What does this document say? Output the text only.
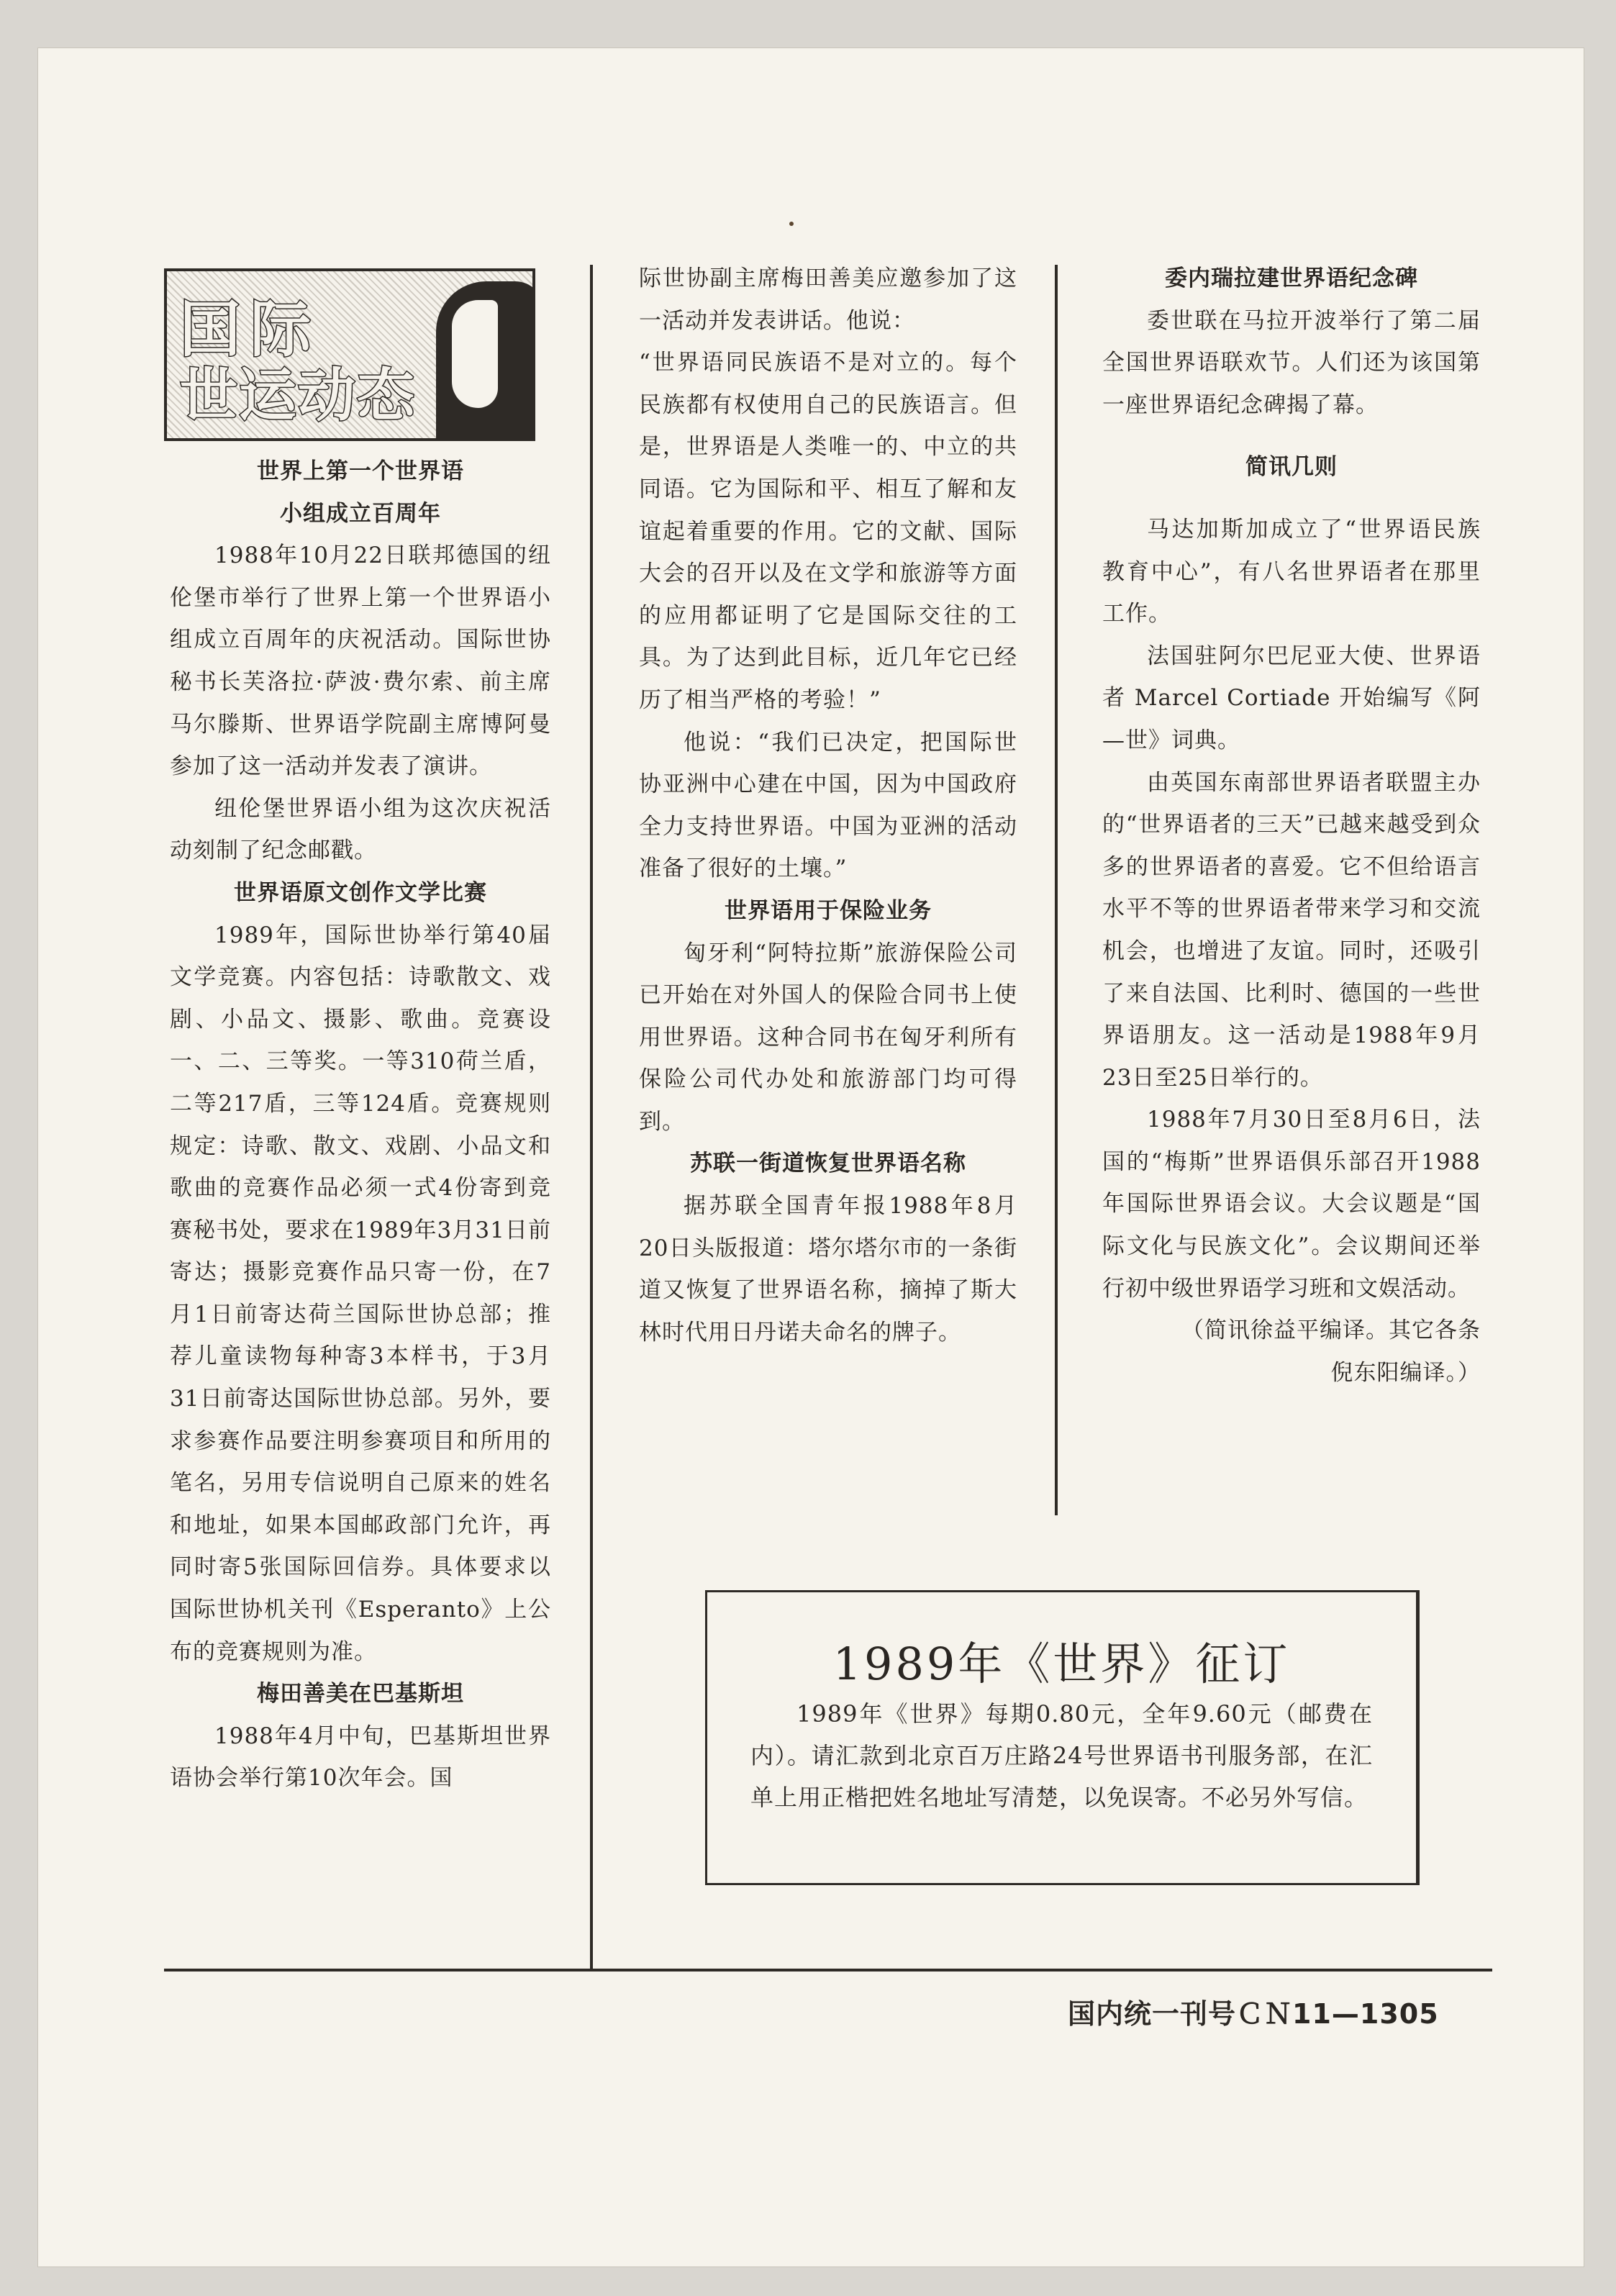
国际
世运动态
世界上第一个世界语
小组成立百周年

1988年10月22日联邦德国的纽伦堡市举行了世界上第一个世界语小组成立百周年的庆祝活动。国际世协秘书长芙洛拉·萨波·费尔索、前主席马尔滕斯、世界语学院副主席博阿曼参加了这一活动并发表了演讲。

纽伦堡世界语小组为这次庆祝活动刻制了纪念邮戳。

世界语原文创作文学比赛

1989年，国际世协举行第40届文学竞赛。内容包括：诗歌散文、戏剧、小品文、摄影、歌曲。竞赛设一、二、三等奖。一等310荷兰盾，二等217盾，三等124盾。竞赛规则规定：诗歌、散文、戏剧、小品文和歌曲的竞赛作品必须一式4份寄到竞赛秘书处，要求在1989年3月31日前寄达；摄影竞赛作品只寄一份，在7月1日前寄达荷兰国际世协总部；推荐儿童读物每种寄3本样书，于3月31日前寄达国际世协总部。另外，要求参赛作品要注明参赛项目和所用的笔名，另用专信说明自己原来的姓名和地址，如果本国邮政部门允许，再同时寄5张国际回信券。具体要求以国际世协机关刊《Esperanto》上公布的竞赛规则为准。

梅田善美在巴基斯坦

1988年4月中旬，巴基斯坦世界语协会举行第10次年会。国

际世协副主席梅田善美应邀参加了这一活动并发表讲话。他说：

“世界语同民族语不是对立的。每个民族都有权使用自己的民族语言。但是，世界语是人类唯一的、中立的共同语。它为国际和平、相互了解和友谊起着重要的作用。它的文献、国际大会的召开以及在文学和旅游等方面的应用都证明了它是国际交往的工具。为了达到此目标，近几年它已经历了相当严格的考验！”

他说：“我们已决定，把国际世协亚洲中心建在中国，因为中国政府全力支持世界语。中国为亚洲的活动准备了很好的土壤。”

世界语用于保险业务

匈牙利“阿特拉斯”旅游保险公司已开始在对外国人的保险合同书上使用世界语。这种合同书在匈牙利所有保险公司代办处和旅游部门均可得到。

苏联一街道恢复世界语名称

据苏联全国青年报1988年8月20日头版报道：塔尔塔尔市的一条街道又恢复了世界语名称，摘掉了斯大林时代用日丹诺夫命名的牌子。

委内瑞拉建世界语纪念碑

委世联在马拉开波举行了第二届全国世界语联欢节。人们还为该国第一座世界语纪念碑揭了幕。

简讯几则

马达加斯加成立了“世界语民族教育中心”，有八名世界语者在那里工作。

法国驻阿尔巴尼亚大使、世界语者 Marcel Cortiade 开始编写《阿—世》词典。

由英国东南部世界语者联盟主办的“世界语者的三天”已越来越受到众多的世界语者的喜爱。它不但给语言水平不等的世界语者带来学习和交流机会，也增进了友谊。同时，还吸引了来自法国、比利时、德国的一些世界语朋友。这一活动是1988年9月23日至25日举行的。

1988年7月30日至8月6日，法国的“梅斯”世界语俱乐部召开1988年国际世界语会议。大会议题是“国际文化与民族文化”。会议期间还举行初中级世界语学习班和文娱活动。

（简讯徐益平编译。其它各条倪东阳编译。）

1989年《世界》征订

1989年《世界》每期0.80元，全年9.60元（邮费在内）。请汇款到北京百万庄路24号世界语书刊服务部，在汇单上用正楷把姓名地址写清楚，以免误寄。不必另外写信。

国内统一刊号ＣＮ11—1305
